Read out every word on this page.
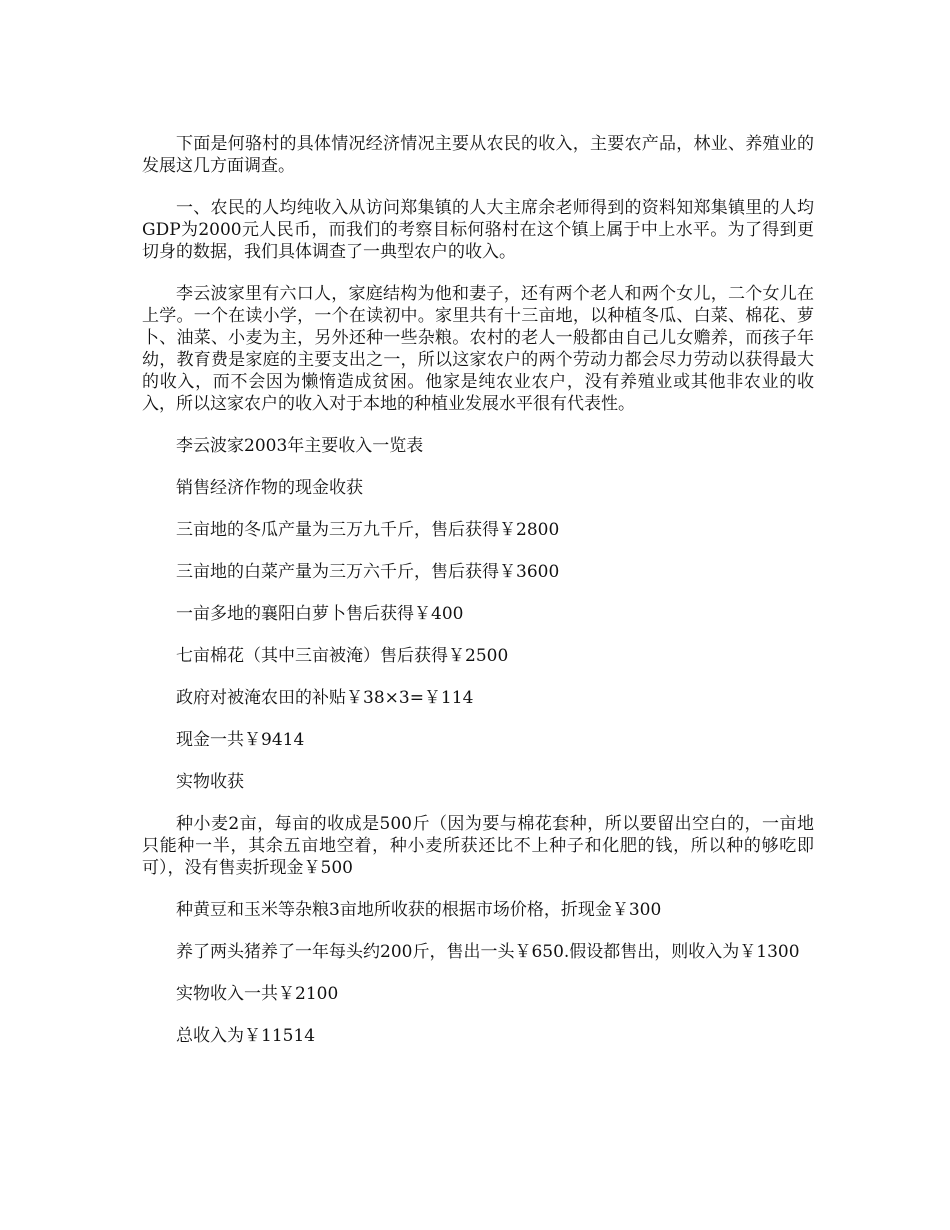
下面是何骆村的具体情况经济情况主要从农民的收入，主要农产品，林业、养殖业的发展这几方面调查。

一、农民的人均纯收入从访问郑集镇的人大主席余老师得到的资料知郑集镇里的人均GDP为2000元人民币，而我们的考察目标何骆村在这个镇上属于中上水平。为了得到更切身的数据，我们具体调查了一典型农户的收入。

李云波家里有六口人，家庭结构为他和妻子，还有两个老人和两个女儿，二个女儿在上学。一个在读小学，一个在读初中。家里共有十三亩地，以种植冬瓜、白菜、棉花、萝卜、油菜、小麦为主，另外还种一些杂粮。农村的老人一般都由自己儿女赡养，而孩子年幼，教育费是家庭的主要支出之一，所以这家农户的两个劳动力都会尽力劳动以获得最大的收入，而不会因为懒惰造成贫困。他家是纯农业农户，没有养殖业或其他非农业的收入，所以这家农户的收入对于本地的种植业发展水平很有代表性。

李云波家2003年主要收入一览表

销售经济作物的现金收获

三亩地的冬瓜产量为三万九千斤，售后获得￥2800

三亩地的白菜产量为三万六千斤，售后获得￥3600

一亩多地的襄阳白萝卜售后获得￥400

七亩棉花（其中三亩被淹）售后获得￥2500

政府对被淹农田的补贴￥38×3=￥114

现金一共￥9414

实物收获

种小麦2亩，每亩的收成是500斤（因为要与棉花套种，所以要留出空白的，一亩地只能种一半，其余五亩地空着，种小麦所获还比不上种子和化肥的钱，所以种的够吃即可），没有售卖折现金￥500

种黄豆和玉米等杂粮3亩地所收获的根据市场价格，折现金￥300

养了两头猪养了一年每头约200斤，售出一头￥650.假设都售出，则收入为￥1300

实物收入一共￥2100

总收入为￥11514
